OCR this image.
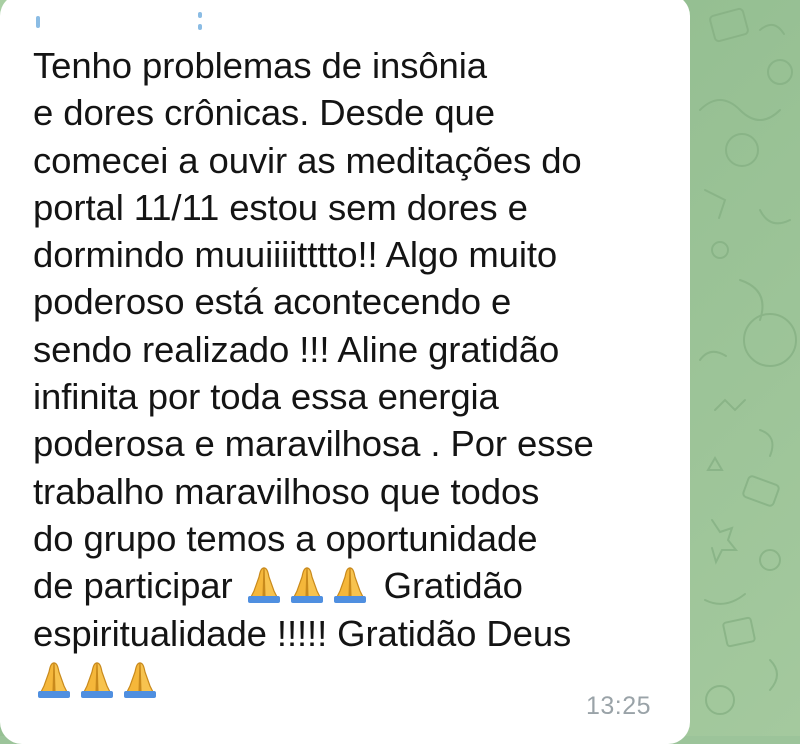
Tenho problemas de insônia
e dores crônicas. Desde que
comecei a ouvir as meditações do
portal 11/11 estou sem dores e
dormindo muuiiiitttto!! Algo muito
poderoso está acontecendo e
sendo realizado !!! Aline gratidão
infinita por toda essa energia
poderosa e maravilhosa . Por esse
trabalho maravilhoso que todos
do grupo temos a oportunidade
de participar	Gratidão
espiritualidade !!!!! Gratidão Deus

13:25
